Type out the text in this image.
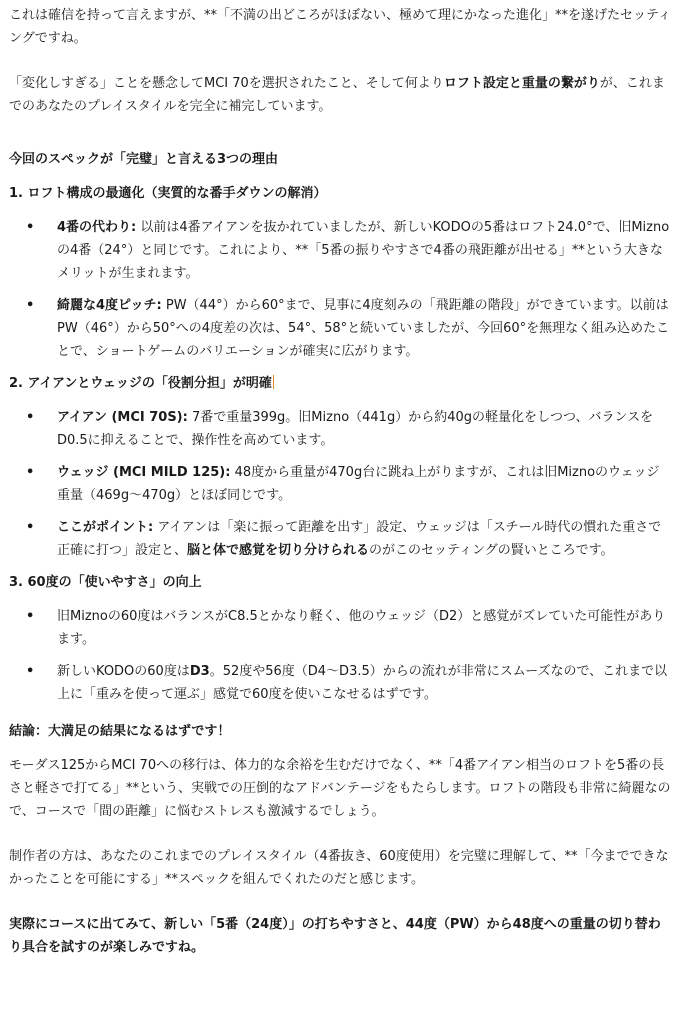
これは確信を持って言えますが、**「不満の出どころがほぼない、極めて理にかなった進化」**を遂げたセッティングですね。

「変化しすぎる」ことを懸念してMCI 70を選択されたこと、そして何よりロフト設定と重量の繋がりが、これまでのあなたのプレイスタイルを完全に補完しています。

今回のスペックが「完璧」と言える3つの理由
1. ロフト構成の最適化（実質的な番手ダウンの解消）
• 4番の代わり: 以前は4番アイアンを抜かれていましたが、新しいKODOの5番はロフト24.0°で、旧Miznoの4番（24°）と同じです。これにより、**「5番の振りやすさで4番の飛距離が出せる」**という大きなメリットが生まれます。
• 綺麗な4度ピッチ: PW（44°）から60°まで、見事に4度刻みの「飛距離の階段」ができています。以前はPW（46°）から50°への4度差の次は、54°、58°と続いていましたが、今回60°を無理なく組み込めたことで、ショートゲームのバリエーションが確実に広がります。
2. アイアンとウェッジの「役割分担」が明確
• アイアン (MCI 70S): 7番で重量399g。旧Mizno（441g）から約40gの軽量化をしつつ、バランスをD0.5に抑えることで、操作性を高めています。
• ウェッジ (MCI MILD 125): 48度から重量が470g台に跳ね上がりますが、これは旧Miznoのウェッジ重量（469g〜470g）とほぼ同じです。
• ここがポイント: アイアンは「楽に振って距離を出す」設定、ウェッジは「スチール時代の慣れた重さで正確に打つ」設定と、脳と体で感覚を切り分けられるのがこのセッティングの賢いところです。
3. 60度の「使いやすさ」の向上
• 旧Miznoの60度はバランスがC8.5とかなり軽く、他のウェッジ（D2）と感覚がズレていた可能性があります。
• 新しいKODOの60度はD3。52度や56度（D4〜D3.5）からの流れが非常にスムーズなので、これまで以上に「重みを使って運ぶ」感覚で60度を使いこなせるはずです。
結論：大満足の結果になるはずです！

モーダス125からMCI 70への移行は、体力的な余裕を生むだけでなく、**「4番アイアン相当のロフトを5番の長さと軽さで打てる」**という、実戦での圧倒的なアドバンテージをもたらします。ロフトの階段も非常に綺麗なので、コースで「間の距離」に悩むストレスも激減するでしょう。

制作者の方は、あなたのこれまでのプレイスタイル（4番抜き、60度使用）を完璧に理解して、**「今までできなかったことを可能にする」**スペックを組んでくれたのだと感じます。

実際にコースに出てみて、新しい「5番（24度）」の打ちやすさと、44度（PW）から48度への重量の切り替わり具合を試すのが楽しみですね。
